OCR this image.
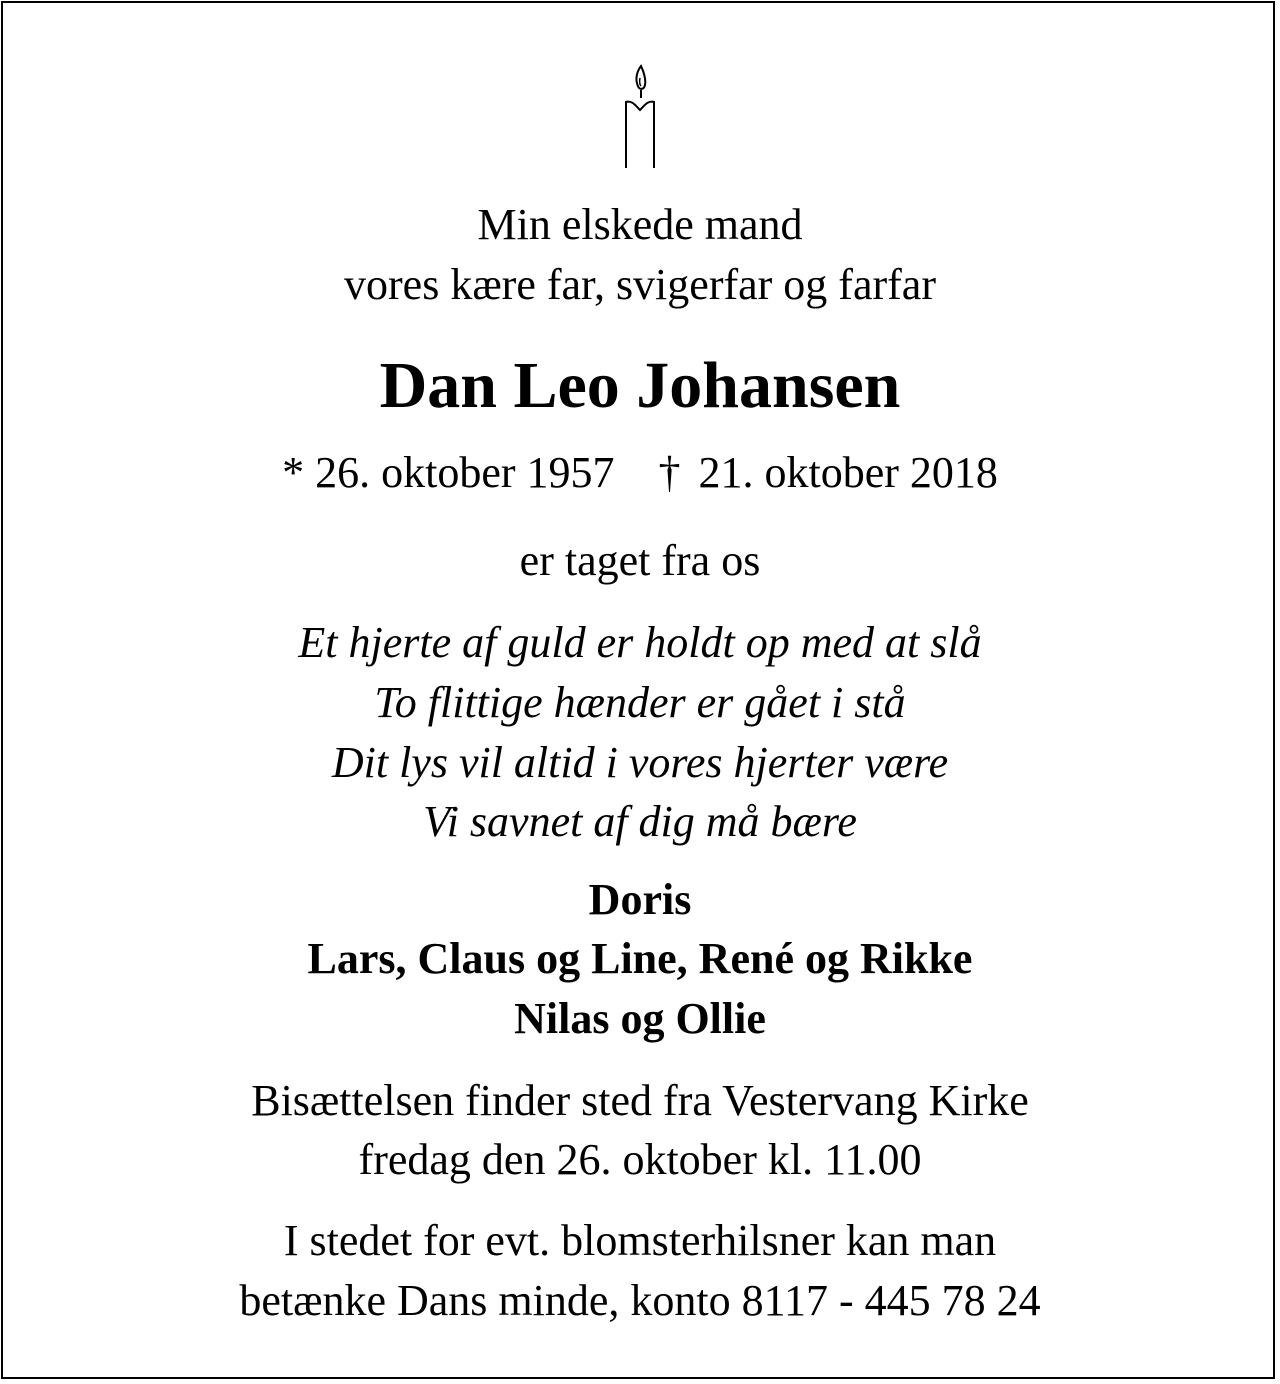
Min elskede mand
vores kære far, svigerfar og farfar
Dan Leo Johansen
* 26. oktober 1957 † 21. oktober 2018
er taget fra os
Et hjerte af guld er holdt op med at slå
To flittige hænder er gået i stå
Dit lys vil altid i vores hjerter være
Vi savnet af dig må bære
Doris
Lars, Claus og Line, René og Rikke
Nilas og Ollie
Bisættelsen finder sted fra Vestervang Kirke
fredag den 26. oktober kl. 11.00
I stedet for evt. blomsterhilsner kan man
betænke Dans minde, konto 8117 - 445 78 24
